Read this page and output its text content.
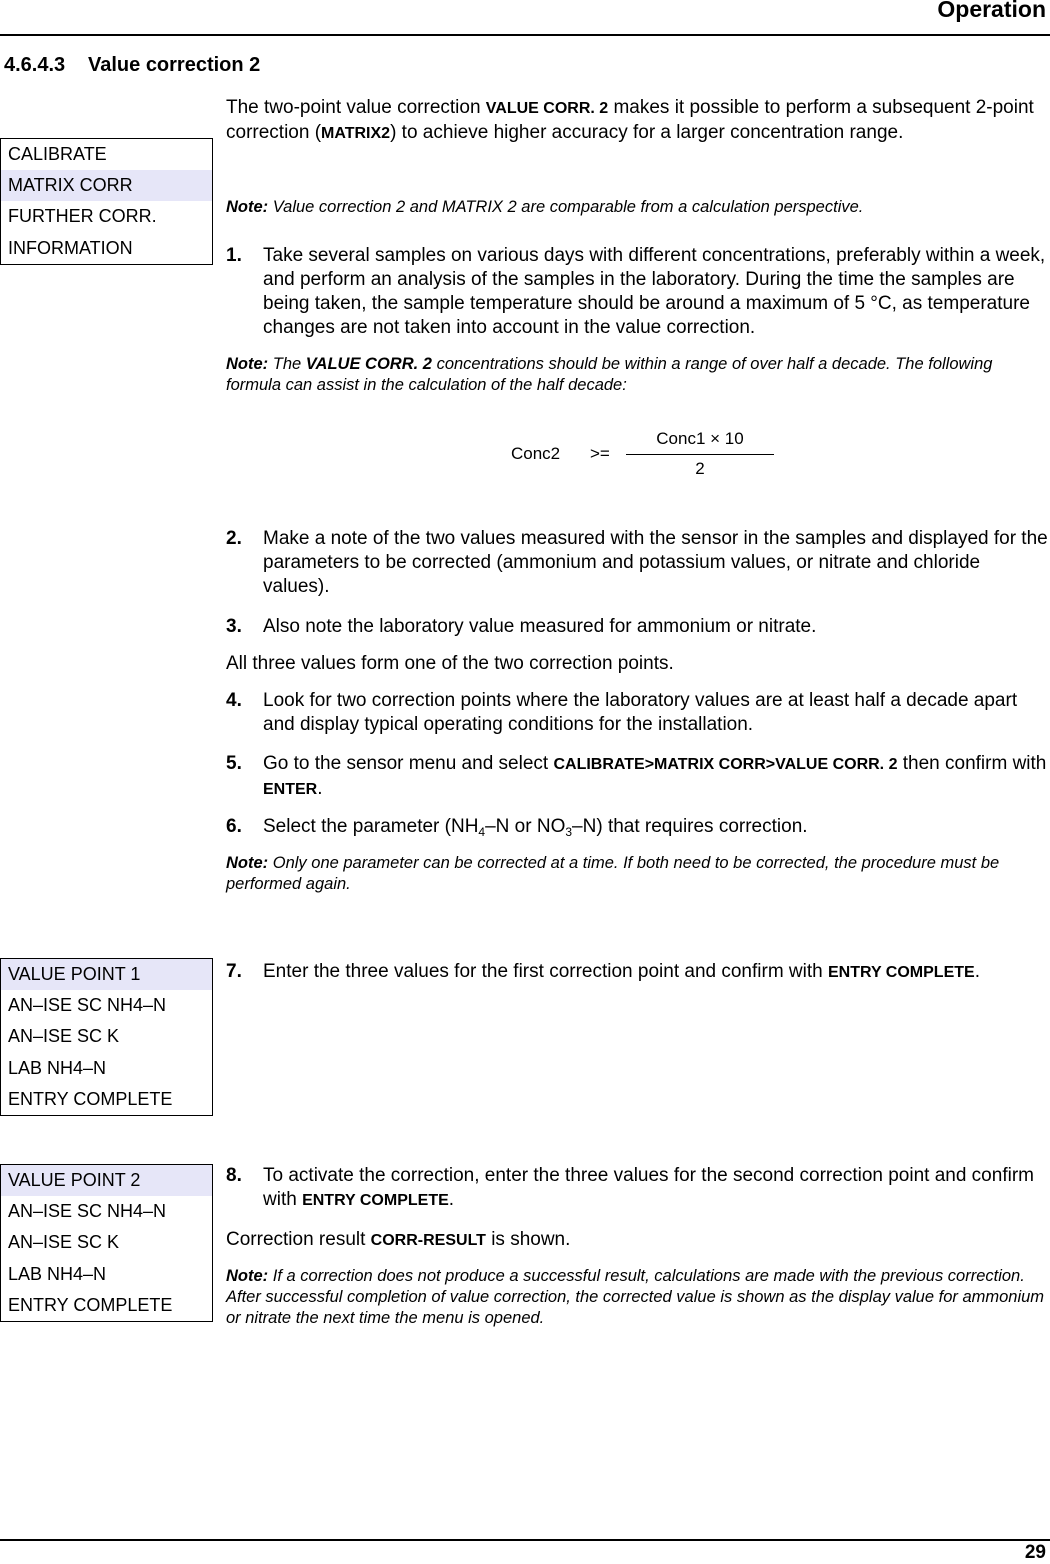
Operation
29
4.6.4.3 Value correction 2
CALIBRATE
MATRIX CORR
FURTHER CORR.
INFORMATION
VALUE POINT 1
AN–ISE SC NH4–N
AN–ISE SC K
LAB NH4–N
ENTRY COMPLETE
VALUE POINT 2
AN–ISE SC NH4–N
AN–ISE SC K
LAB NH4–N
ENTRY COMPLETE
The two-point value correction VALUE CORR. 2 makes it possible to perform a subsequent 2-point correction (MATRIX2) to achieve higher accuracy for a larger concentration range.
Note: Value correction 2 and MATRIX 2 are comparable from a calculation perspective.
1. Take several samples on various days with different concentrations, preferably within a week, and perform an analysis of the samples in the laboratory. During the time the samples are being taken, the sample temperature should be around a maximum of 5 °C, as temperature changes are not taken into account in the value correction.
Note: The VALUE CORR. 2 concentrations should be within a range of over half a decade. The following formula can assist in the calculation of the half decade:
Conc2 >=
Conc1 × 10
2
2. Make a note of the two values measured with the sensor in the samples and displayed for the parameters to be corrected (ammonium and potassium values, or nitrate and chloride values).
3. Also note the laboratory value measured for ammonium or nitrate.
All three values form one of the two correction points.
4. Look for two correction points where the laboratory values are at least half a decade apart and display typical operating conditions for the installation.
5. Go to the sensor menu and select CALIBRATE>MATRIX CORR>VALUE CORR. 2 then confirm with ENTER.
6. Select the parameter ($NH_4-N$ or $NO_3-N$) that requires correction.
Note: Only one parameter can be corrected at a time. If both need to be corrected, the procedure must be performed again.
7. Enter the three values for the first correction point and confirm with ENTRY COMPLETE.
8. To activate the correction, enter the three values for the second correction point and confirm with ENTRY COMPLETE.
Correction result CORR-RESULT is shown.
Note: If a correction does not produce a successful result, calculations are made with the previous correction. After successful completion of value correction, the corrected value is shown as the display value for ammonium or nitrate the next time the menu is opened.
